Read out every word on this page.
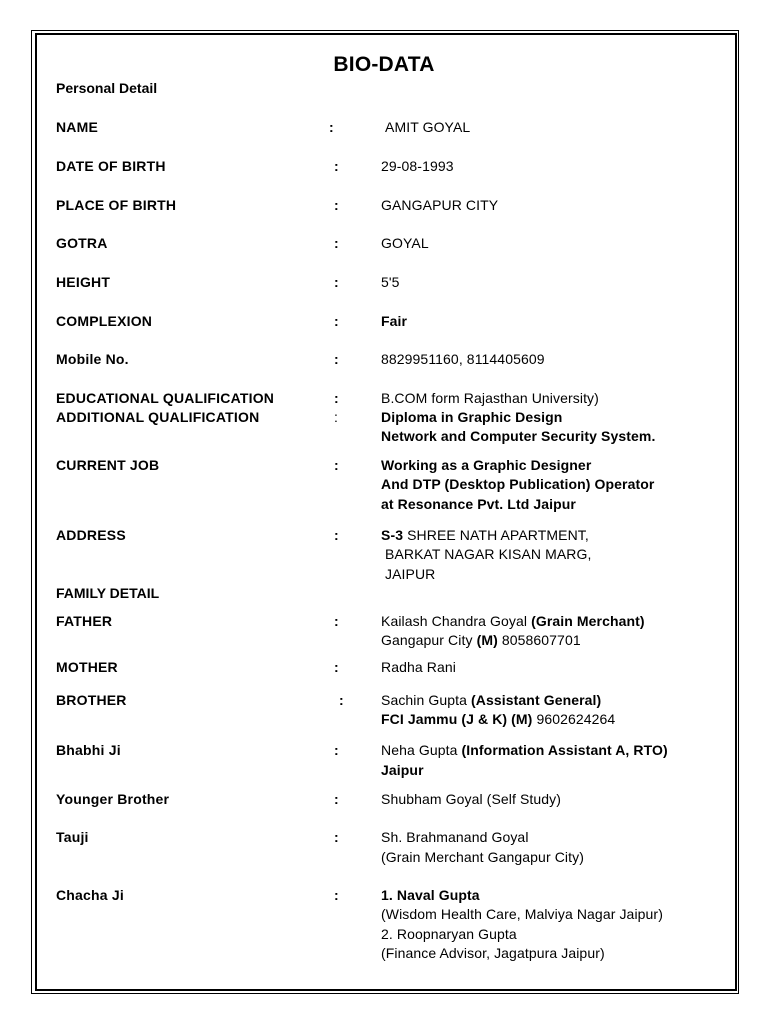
BIO-DATA
Personal Detail
NAME	:	AMIT GOYAL
DATE OF BIRTH	:	29-08-1993
PLACE OF BIRTH	:	GANGAPUR CITY
GOTRA	:	GOYAL
HEIGHT	:	5'5
COMPLEXION	:	Fair
Mobile No.	:	8829951160, 8114405609
EDUCATIONAL QUALIFICATION	:	B.COM form Rajasthan University)
ADDITIONAL QUALIFICATION	:	Diploma in Graphic Design
Network and Computer Security System.
CURRENT JOB	:	Working as a Graphic Designer
And DTP (Desktop Publication) Operator
at Resonance Pvt. Ltd Jaipur
ADDRESS	:	S-3 SHREE NATH APARTMENT,
BARKAT NAGAR KISAN MARG,
JAIPUR
FAMILY DETAIL
FATHER	:	Kailash Chandra Goyal (Grain Merchant)
Gangapur City (M) 8058607701
MOTHER	:	Radha Rani
BROTHER	:	Sachin Gupta (Assistant General)
FCI Jammu (J & K) (M) 9602624264
Bhabhi Ji	:	Neha Gupta (Information Assistant A, RTO)
Jaipur
Younger Brother	:	Shubham Goyal (Self Study)
Tauji	:	Sh. Brahmanand Goyal
(Grain Merchant Gangapur City)
Chacha Ji	:	1. Naval Gupta
(Wisdom Health Care, Malviya Nagar Jaipur)
2. Roopnaryan Gupta
(Finance Advisor, Jagatpura Jaipur)
